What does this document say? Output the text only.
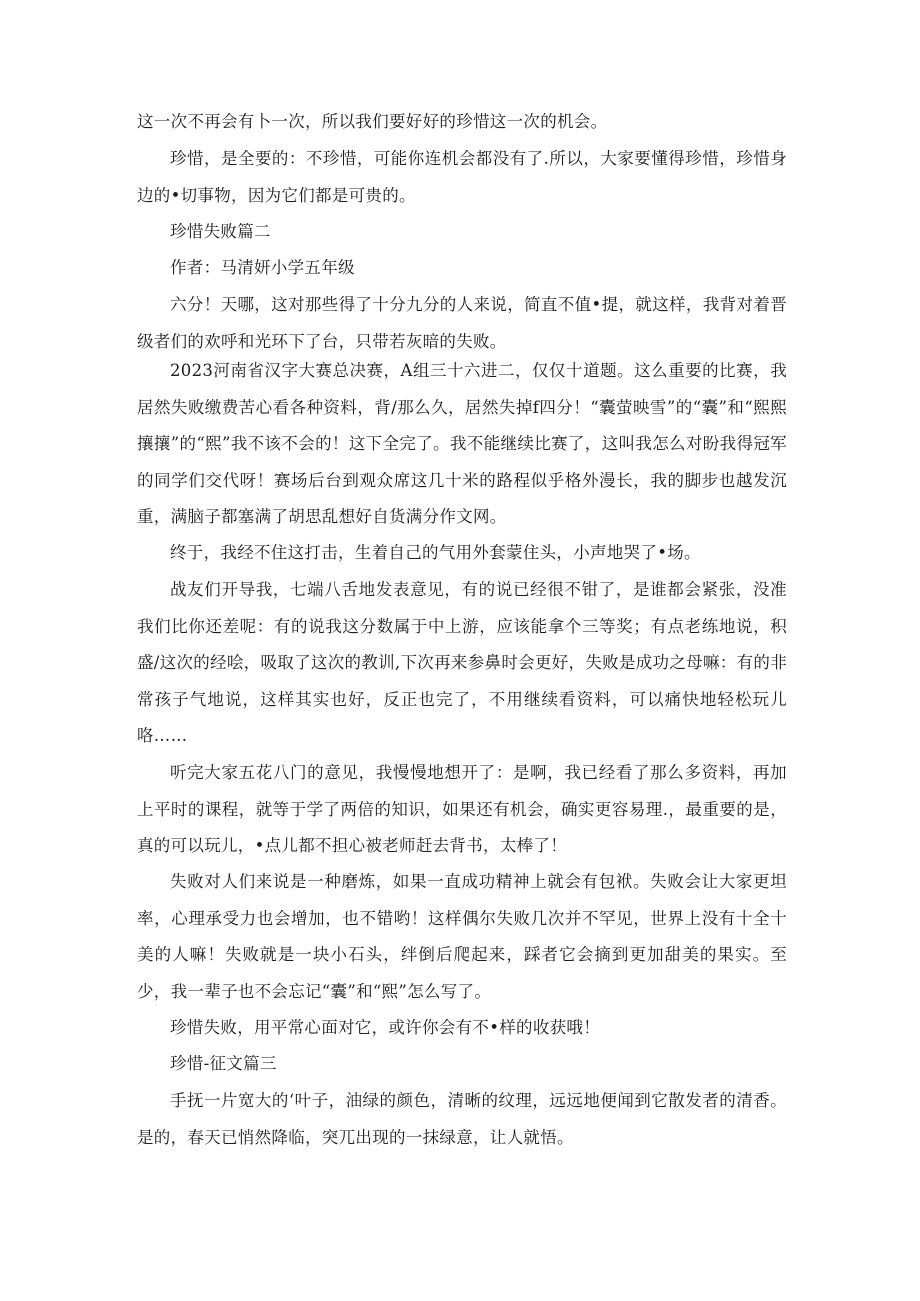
这一次不再会有卜一次，所以我们要好好的珍惜这一次的机会。

珍惜，是全要的：不珍惜，可能你连机会都没有了.所以，大家要懂得珍惜，珍惜身边的•切事物，因为它们都是可贵的。

珍惜失败篇二

作者：马清妍小学五年级

六分！天哪，这对那些得了十分九分的人来说，简直不值•提，就这样，我背对着晋级者们的欢呼和光环下了台，只带若灰暗的失败。

2023河南省汉字大赛总决赛，A组三十六进二，仅仅十道题。这么重要的比赛，我居然失败缴费苦心看各种资料，背/那么久，居然失掉f四分！“囊萤映雪”的“囊”和“熙熙攘攘”的“熙”我不该不会的！这下全完了。我不能继续比赛了，这叫我怎么对盼我得冠军的同学们交代呀！赛场后台到观众席这几十米的路程似乎格外漫长，我的脚步也越发沉重，满脑子都塞满了胡思乱想好自货满分作文网。

终于，我经不住这打击，生着自己的气用外套蒙住头，小声地哭了•场。

战友们开导我，七端八舌地发表意见，有的说已经很不钳了，是谁都会紧张，没准我们比你还差呢：有的说我这分数属于中上游，应该能拿个三等奖；有点老练地说，积盛/这次的经哙，吸取了这次的教训,下次再来参鼻时会更好，失败是成功之母嘛：有的非常孩子气地说，这样其实也好，反正也完了，不用继续看资料，可以痛快地轻松玩儿咯……

听完大家五花八门的意见，我慢慢地想开了：是啊，我已经看了那么多资料，再加上平时的课程，就等于学了两倍的知识，如果还有机会，确实更容易理.，最重要的是，真的可以玩儿，•点儿都不担心被老师赶去背书，太棒了！

失败对人们来说是一种磨炼，如果一直成功精神上就会有包袱。失败会让大家更坦率，心理承受力也会增加，也不错哟！这样偶尔失败几次并不罕见，世界上没有十全十美的人嘛！失败就是一块小石头，绊倒后爬起来，踩者它会摘到更加甜美的果实。至少，我一辈子也不会忘记“囊”和“熙”怎么写了。

珍惜失败，用平常心面对它，或许你会有不•样的收获哦！

珍惜-征文篇三

手抚一片宽大的‘叶子，油绿的颜色，清晰的纹理，远远地便闻到它散发者的清香。是的，春天已悄然降临，突兀出现的一抹绿意，让人就悟。
